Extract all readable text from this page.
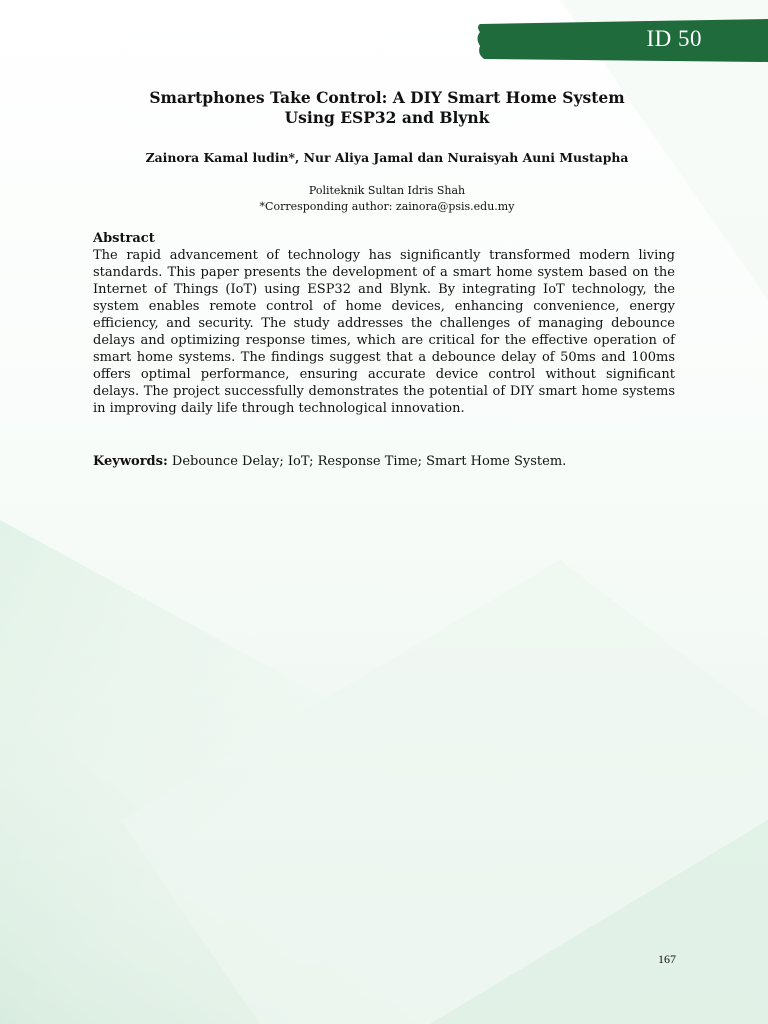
ID 50
Smartphones Take Control: A DIY Smart Home System
Using ESP32 and Blynk
Zainora Kamal ludin*, Nur Aliya Jamal dan Nuraisyah Auni Mustapha
Politeknik Sultan Idris Shah
*Corresponding author: zainora@psis.edu.my
Abstract

The rapid advancement of technology has significantly transformed modern living standards. This paper presents the development of a smart home system based on the Internet of Things (IoT) using ESP32 and Blynk. By integrating IoT technology, the system enables remote control of home devices, enhancing convenience, energy efficiency, and security. The study addresses the challenges of managing debounce delays and optimizing response times, which are critical for the effective operation of smart home systems. The findings suggest that a debounce delay of 50ms and 100ms offers optimal performance, ensuring accurate device control without significant delays. The project successfully demonstrates the potential of DIY smart home systems in improving daily life through technological innovation.

Keywords: Debounce Delay; IoT; Response Time; Smart Home System.
167
